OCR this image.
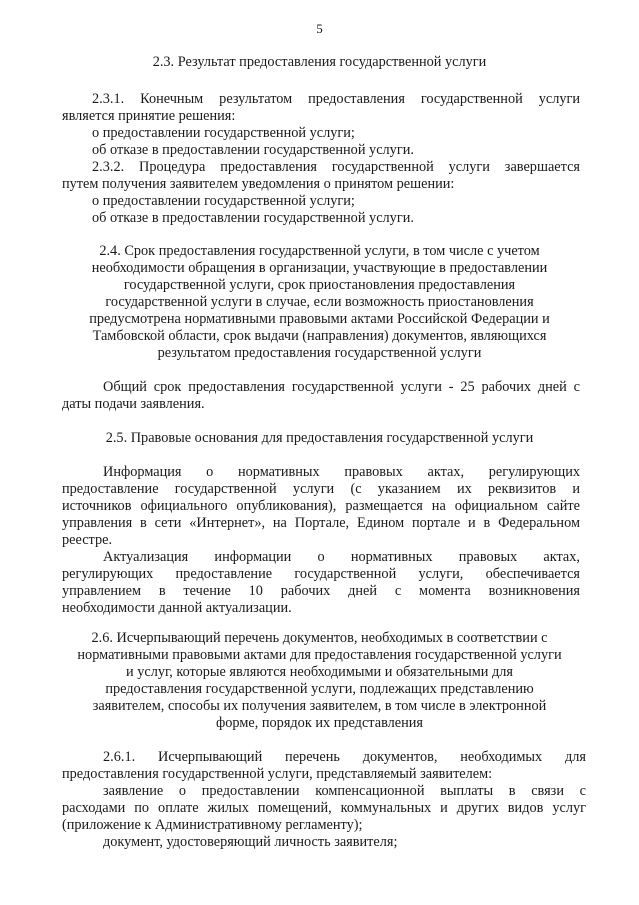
5
2.3. Результат предоставления государственной услуги
2.3.1. Конечным результатом предоставления государственной услуги
является принятие решения:
о предоставлении государственной услуги;
об отказе в предоставлении государственной услуги.
2.3.2. Процедура предоставления государственной услуги завершается
путем получения заявителем уведомления о принятом решении:
о предоставлении государственной услуги;
об отказе в предоставлении государственной услуги.
2.4. Срок предоставления государственной услуги, в том числе с учетом
необходимости обращения в организации, участвующие в предоставлении
государственной услуги, срок приостановления предоставления
государственной услуги в случае, если возможность приостановления
предусмотрена нормативными правовыми актами Российской Федерации и
Тамбовской области, срок выдачи (направления) документов, являющихся
результатом предоставления государственной услуги
Общий срок предоставления государственной услуги - 25 рабочих дней с
даты подачи заявления.
2.5. Правовые основания для предоставления государственной услуги
Информация о нормативных правовых актах, регулирующих
предоставление государственной услуги (с указанием их реквизитов и
источников официального опубликования), размещается на официальном сайте
управления в сети «Интернет», на Портале, Едином портале и в Федеральном
реестре.
Актуализация информации о нормативных правовых актах,
регулирующих предоставление государственной услуги, обеспечивается
управлением в течение 10 рабочих дней с момента возникновения
необходимости данной актуализации.
2.6. Исчерпывающий перечень документов, необходимых в соответствии с
нормативными правовыми актами для предоставления государственной услуги
и услуг, которые являются необходимыми и обязательными для
предоставления государственной услуги, подлежащих представлению
заявителем, способы их получения заявителем, в том числе в электронной
форме, порядок их представления
2.6.1. Исчерпывающий перечень документов, необходимых для
предоставления государственной услуги, представляемый заявителем:
заявление о предоставлении компенсационной выплаты в связи с
расходами по оплате жилых помещений, коммунальных и других видов услуг
(приложение к Административному регламенту);
документ, удостоверяющий личность заявителя;
